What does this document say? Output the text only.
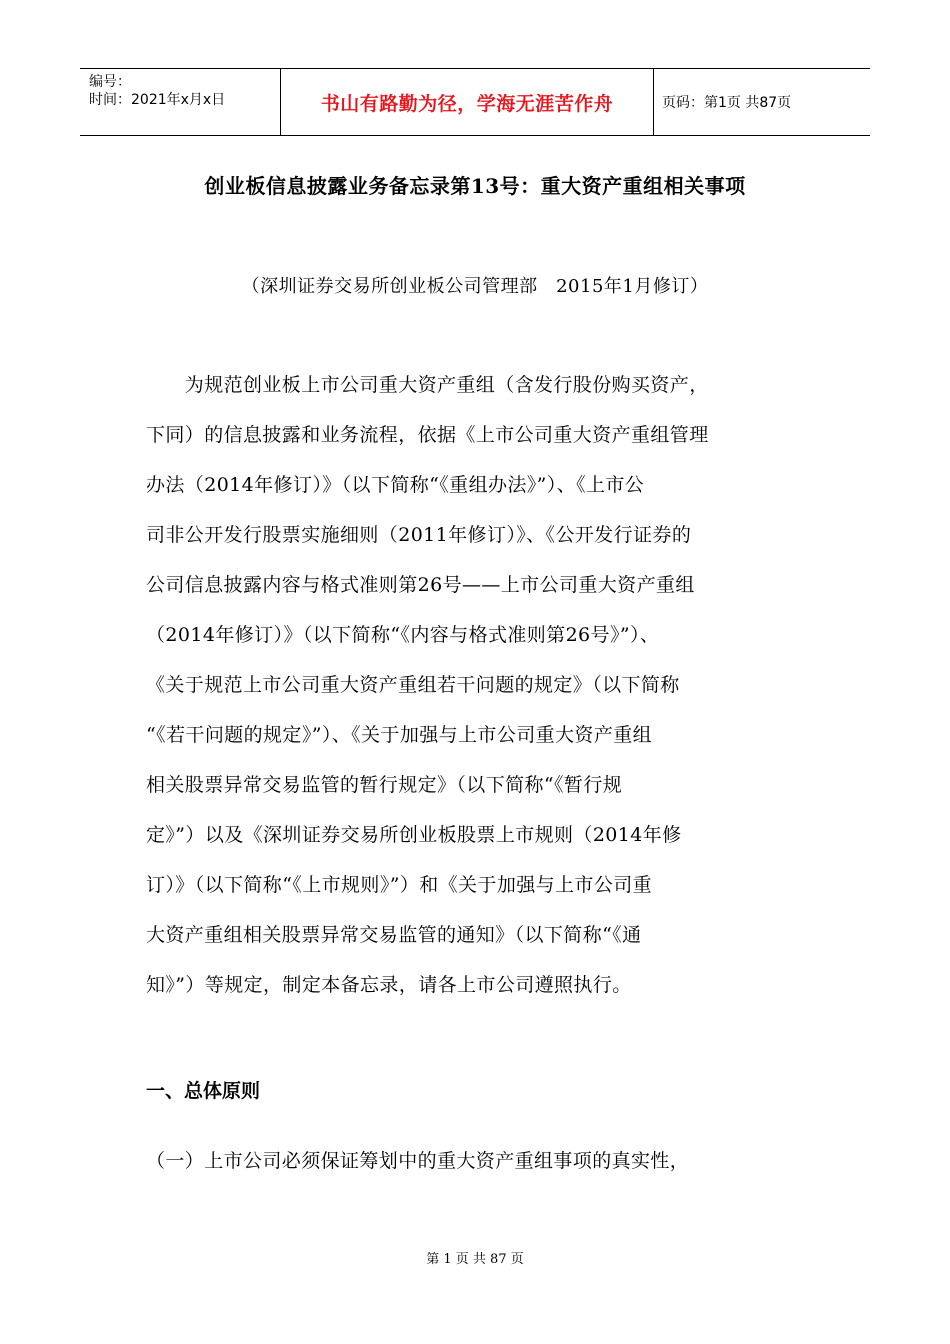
编号：
时间：2021年x月x日	书山有路勤为径，学海无涯苦作舟	页码：第1页 共87页
创业板信息披露业务备忘录第13号：重大资产重组相关事项
（深圳证券交易所创业板公司管理部　2015年1月修订）
　　为规范创业板上市公司重大资产重组（含发行股份购买资产，
下同）的信息披露和业务流程，依据《上市公司重大资产重组管理
办法（2014年修订）》（以下简称“《重组办法》”）、《上市公
司非公开发行股票实施细则（2011年修订）》、《公开发行证券的
公司信息披露内容与格式准则第26号——上市公司重大资产重组
（2014年修订）》（以下简称“《内容与格式准则第26号》”）、
《关于规范上市公司重大资产重组若干问题的规定》（以下简称
“《若干问题的规定》”）、《关于加强与上市公司重大资产重组
相关股票异常交易监管的暂行规定》（以下简称“《暂行规
定》”）以及《深圳证券交易所创业板股票上市规则（2014年修
订）》（以下简称“《上市规则》”）和《关于加强与上市公司重
大资产重组相关股票异常交易监管的通知》（以下简称“《通
知》”）等规定，制定本备忘录，请各上市公司遵照执行。
一、总体原则
（一）上市公司必须保证筹划中的重大资产重组事项的真实性，
第 1 页 共 87 页
